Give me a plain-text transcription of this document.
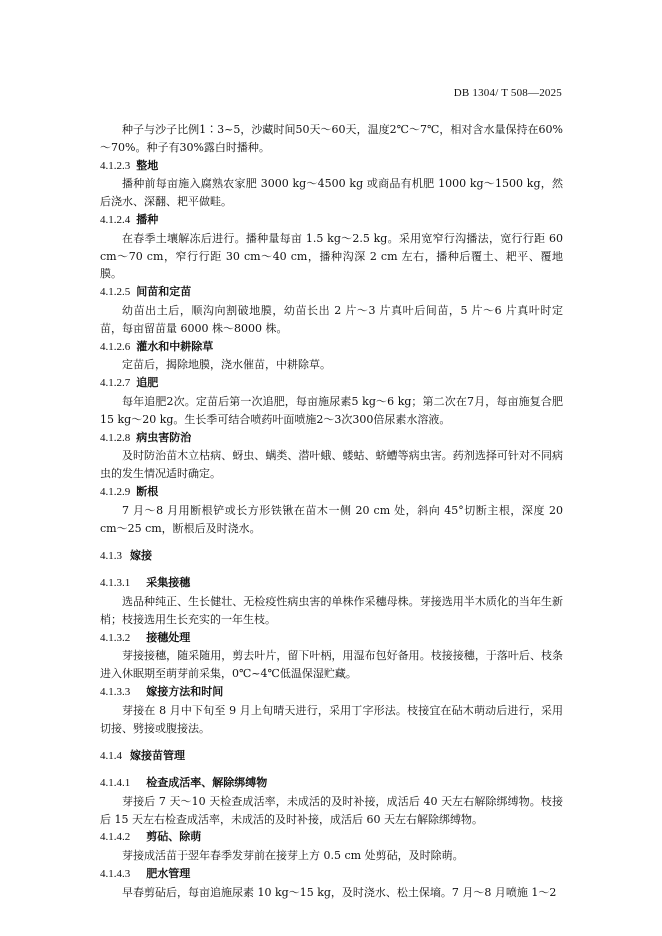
DB 1304/ T 508—2025

种子与沙子比例1∶3~5，沙藏时间50天～60天，温度2℃～7℃，相对含水量保持在60%～70%。种子有30%露白时播种。

4.1.2.3 整地

播种前每亩施入腐熟农家肥 3000 kg～4500 kg 或商品有机肥 1000 kg～1500 kg，然后浇水、深翻、耙平做畦。

4.1.2.4 播种

在春季土壤解冻后进行。播种量每亩 1.5 kg～2.5 kg。采用宽窄行沟播法，宽行行距 60 cm～70 cm，窄行行距 30 cm～40 cm，播种沟深 2 cm 左右，播种后覆土、耙平、覆地膜。

4.1.2.5 间苗和定苗

幼苗出土后，顺沟向割破地膜，幼苗长出 2 片～3 片真叶后间苗，5 片～6 片真叶时定苗，每亩留苗量 6000 株～8000 株。

4.1.2.6 灌水和中耕除草

定苗后，揭除地膜，浇水催苗，中耕除草。

4.1.2.7 追肥

每年追肥2次。定苗后第一次追肥，每亩施尿素5 kg～6 kg；第二次在7月，每亩施复合肥15 kg～20 kg。生长季可结合喷药叶面喷施2～3次300倍尿素水溶液。

4.1.2.8 病虫害防治

及时防治苗木立枯病、蚜虫、螨类、潜叶蛾、蝼蛄、蛴螬等病虫害。药剂选择可针对不同病虫的发生情况适时确定。

4.1.2.9 断根

7 月～8 月用断根铲或长方形铁锹在苗木一侧 20 cm 处，斜向 45°切断主根，深度 20 cm～25 cm，断根后及时浇水。

4.1.3 嫁接
4.1.3.1 采集接穗

选品种纯正、生长健壮、无检疫性病虫害的单株作采穗母株。芽接选用半木质化的当年生新梢；枝接选用生长充实的一年生枝。

4.1.3.2 接穗处理

芽接接穗，随采随用，剪去叶片，留下叶柄，用湿布包好备用。枝接接穗，于落叶后、枝条进入休眠期至萌芽前采集，0℃~4℃低温保湿贮藏。

4.1.3.3 嫁接方法和时间

芽接在 8 月中下旬至 9 月上旬晴天进行，采用丁字形法。枝接宜在砧木萌动后进行，采用切接、劈接或腹接法。

4.1.4 嫁接苗管理
4.1.4.1 检查成活率、解除绑缚物

芽接后 7 天～10 天检查成活率，未成活的及时补接，成活后 40 天左右解除绑缚物。枝接后 15 天左右检查成活率，未成活的及时补接，成活后 60 天左右解除绑缚物。

4.1.4.2 剪砧、除萌

芽接成活苗于翌年春季发芽前在接芽上方 0.5 cm 处剪砧，及时除萌。

4.1.4.3 肥水管理

早春剪砧后，每亩追施尿素 10 kg～15 kg，及时浇水、松土保墒。7 月～8 月喷施 1～2
